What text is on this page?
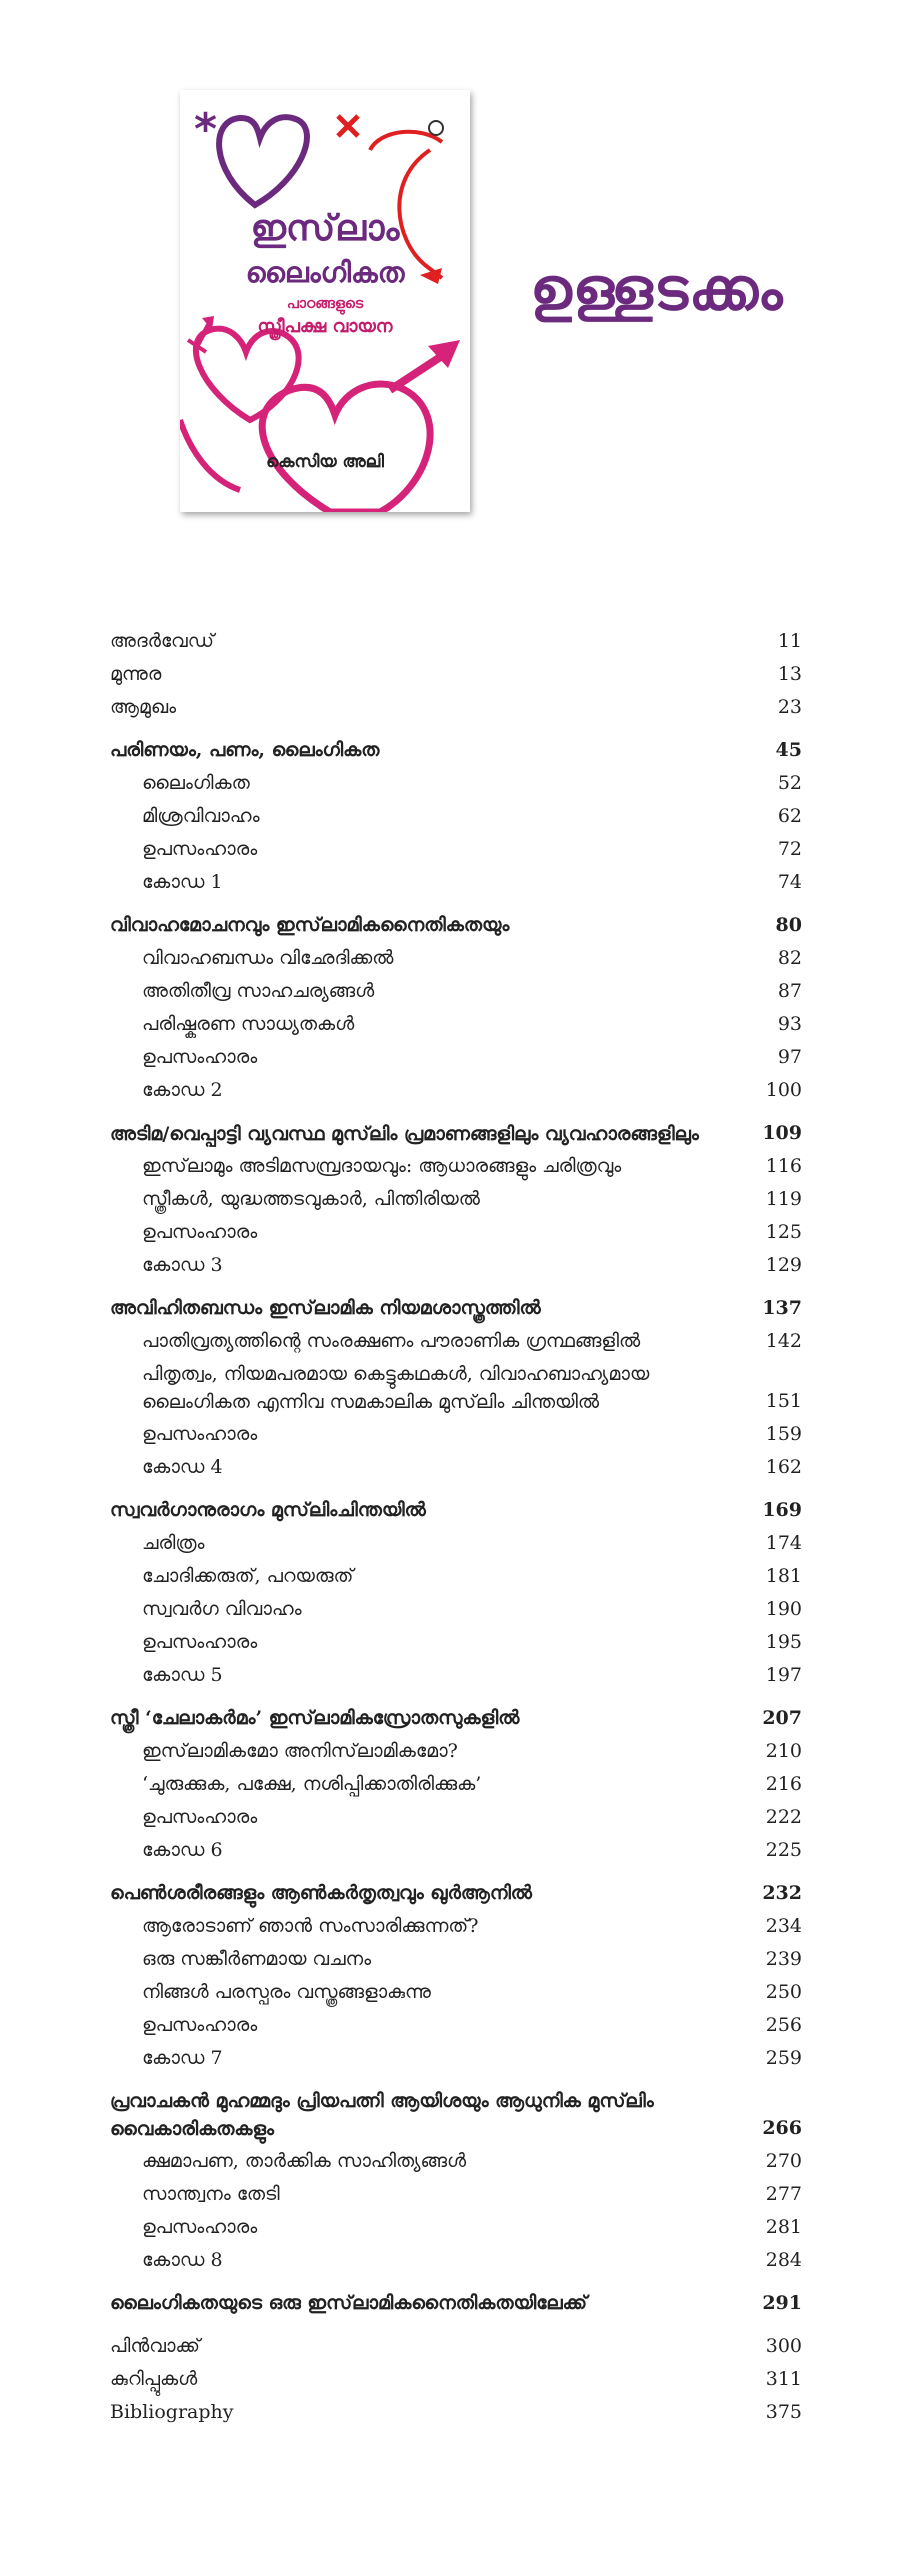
*
ഇസ്‌ലാം
ലൈംഗികത
പാഠങ്ങളുടെ
സ്ത്രീപക്ഷ വായന
കെസിയ അലി
ഉള്ളടക്കം
അദർവേഡ്	11
മുന്നുര	13
ആമുഖം	23
പരിണയം, പണം, ലൈംഗികത	45
ലൈംഗികത	52
മിശ്രവിവാഹം	62
ഉപസംഹാരം	72
കോഡ 1	74
വിവാഹമോചനവും ഇസ്‌ലാമികനൈതികതയും	80
വിവാഹബന്ധം വിഛേദിക്കൽ	82
അതിതീവ്ര സാഹചര്യങ്ങൾ	87
പരിഷ്കരണ സാധ്യതകൾ	93
ഉപസംഹാരം	97
കോഡ 2	100
അടിമ/വെപ്പാട്ടി വ്യവസ്ഥ മുസ്‌ലിം പ്രമാണങ്ങളിലും വ്യവഹാരങ്ങളിലും	109
ഇസ്‌ലാമും അടിമസമ്പ്രദായവും: ആധാരങ്ങളും ചരിത്രവും	116
സ്ത്രീകൾ, യുദ്ധത്തടവുകാർ, പിന്തിരിയൽ	119
ഉപസംഹാരം	125
കോഡ 3	129
അവിഹിതബന്ധം ഇസ്‌ലാമിക നിയമശാസ്ത്രത്തിൽ	137
പാതിവ്രത്യത്തിന്റെ സംരക്ഷണം പൗരാണിക ഗ്രന്ഥങ്ങളിൽ	142
പിതൃത്വം, നിയമപരമായ കെട്ടുകഥകൾ, വിവാഹബാഹ്യമായ ലൈംഗികത എന്നിവ സമകാലിക മുസ്‌ലിം ചിന്തയിൽ	151
ഉപസംഹാരം	159
കോഡ 4	162
സ്വവർഗാനുരാഗം മുസ്‌ലിംചിന്തയിൽ	169
ചരിത്രം	174
ചോദിക്കരുത്, പറയരുത്	181
സ്വവർഗ വിവാഹം	190
ഉപസംഹാരം	195
കോഡ 5	197
സ്ത്രീ ‘ചേലാകർമം’ ഇസ്‌ലാമികസ്രോതസുകളിൽ	207
ഇസ്‌ലാമികമോ അനിസ്‌ലാമികമോ?	210
‘ചുരുക്കുക, പക്ഷേ, നശിപ്പിക്കാതിരിക്കുക’	216
ഉപസംഹാരം	222
കോഡ 6	225
പെൺശരീരങ്ങളും ആൺകർതൃത്വവും ഖുർആനിൽ	232
ആരോടാണ് ഞാൻ സംസാരിക്കുന്നത്?	234
ഒരു സങ്കീർണമായ വചനം	239
നിങ്ങൾ പരസ്പരം വസ്ത്രങ്ങളാകുന്നു	250
ഉപസംഹാരം	256
കോഡ 7	259
പ്രവാചകൻ മുഹമ്മദും പ്രിയപത്നി ആയിശയും ആധുനിക മുസ്‌ലിം വൈകാരികതകളും	266
ക്ഷമാപണ, താർക്കിക സാഹിത്യങ്ങൾ	270
സാന്ത്വനം തേടി	277
ഉപസംഹാരം	281
കോഡ 8	284
ലൈംഗികതയുടെ ഒരു ഇസ്‌ലാമികനൈതികതയിലേക്ക്	291
പിൻവാക്ക്	300
കുറിപ്പുകൾ	311
Bibliography	375
